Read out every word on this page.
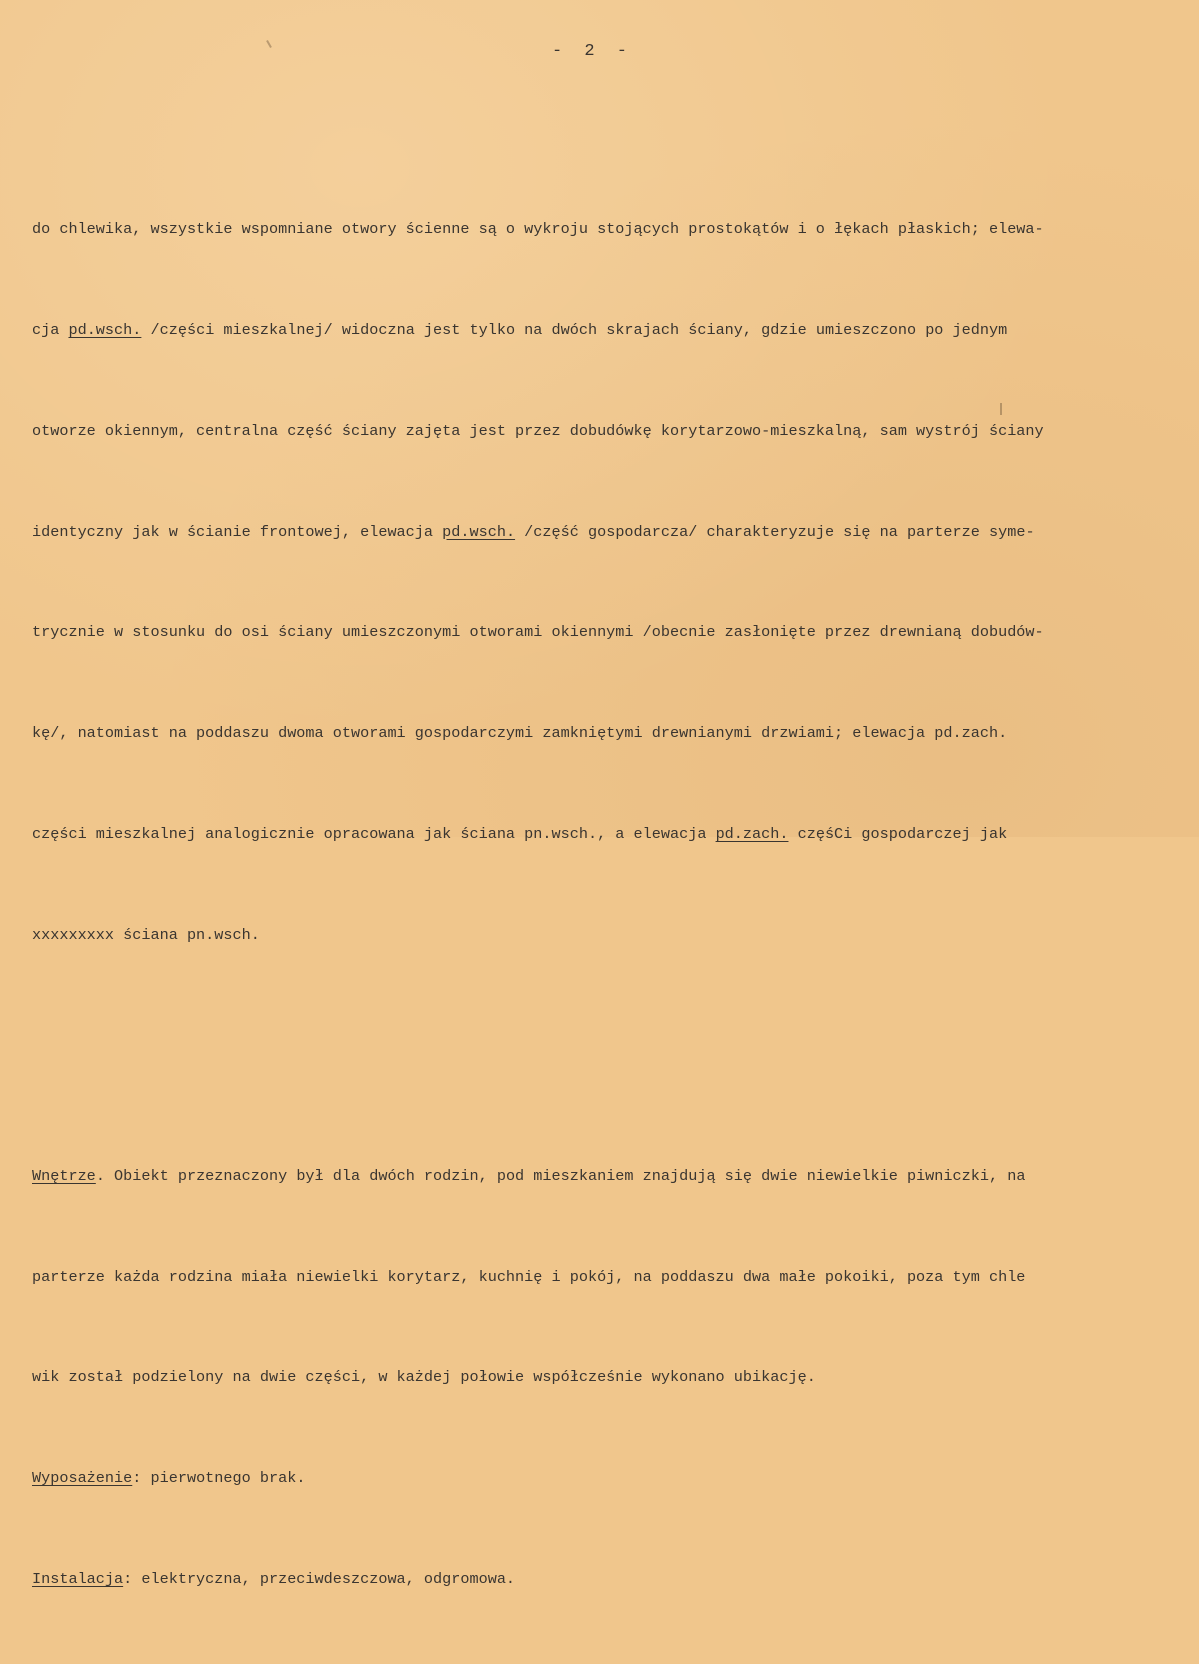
- 2 -

do chlewika, wszystkie wspomniane otwory ścienne są o wykroju stojących prostokątów i o łękach płaskich; elewa-

cja pd.wsch. /części mieszkalnej/ widoczna jest tylko na dwóch skrajach ściany, gdzie umieszczono po jednym

otworze okiennym, centralna część ściany zajęta jest przez dobudówkę korytarzowo-mieszkalną, sam wystrój ściany

identyczny jak w ścianie frontowej, elewacja pd.wsch. /część gospodarcza/ charakteryzuje się na parterze syme-

trycznie w stosunku do osi ściany umieszczonymi otworami okiennymi /obecnie zasłonięte przez drewnianą dobudów-

kę/, natomiast na poddaszu dwoma otworami gospodarczymi zamkniętymi drewnianymi drzwiami; elewacja pd.zach.

części mieszkalnej analogicznie opracowana jak ściana pn.wsch., a elewacja pd.zach. częśCi gospodarczej jak

xxxxxxxxx ściana pn.wsch.

Wnętrze. Obiekt przeznaczony był dla dwóch rodzin, pod mieszkaniem znajdują się dwie niewielkie piwniczki, na

parterze każda rodzina miała niewielki korytarz, kuchnię i pokój, na poddaszu dwa małe pokoiki, poza tym chle

wik został podzielony na dwie części, w każdej połowie współcześnie wykonano ubikację.

Wyposażenie: pierwotnego brak.

Instalacja: elektryczna, przeciwdeszczowa, odgromowa.
